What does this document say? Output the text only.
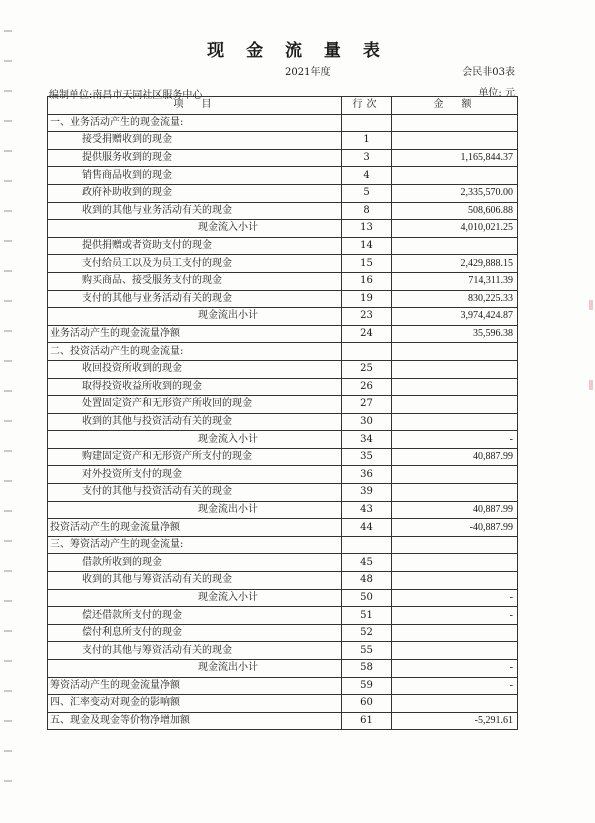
现 金 流 量 表
2021年度	会民非03表
编制单位:南昌市天同社区服务中心	单位: 元
项　目	行次	金　额
一、业务活动产生的现金流量:		
接受捐赠收到的现金	1	
提供服务收到的现金	3	1,165,844.37
销售商品收到的现金	4	
政府补助收到的现金	5	2,335,570.00
收到的其他与业务活动有关的现金	8	508,606.88
现金流入小计	13	4,010,021.25
提供捐赠或者资助支付的现金	14	
支付给员工以及为员工支付的现金	15	2,429,888.15
购买商品、接受服务支付的现金	16	714,311.39
支付的其他与业务活动有关的现金	19	830,225.33
现金流出小计	23	3,974,424.87
业务活动产生的现金流量净额	24	35,596.38
二、投资活动产生的现金流量:		
收回投资所收到的现金	25	
取得投资收益所收到的现金	26	
处置固定资产和无形资产所收回的现金	27	
收到的其他与投资活动有关的现金	30	
现金流入小计	34	-
购建固定资产和无形资产所支付的现金	35	40,887.99
对外投资所支付的现金	36	
支付的其他与投资活动有关的现金	39	
现金流出小计	43	40,887.99
投资活动产生的现金流量净额	44	-40,887.99
三、筹资活动产生的现金流量:		
借款所收到的现金	45	
收到的其他与筹资活动有关的现金	48	
现金流入小计	50	-
偿还借款所支付的现金	51	-
偿付利息所支付的现金	52	
支付的其他与筹资活动有关的现金	55	
现金流出小计	58	-
筹资活动产生的现金流量净额	59	-
四、汇率变动对现金的影响额	60	
五、现金及现金等价物净增加额	61	-5,291.61
